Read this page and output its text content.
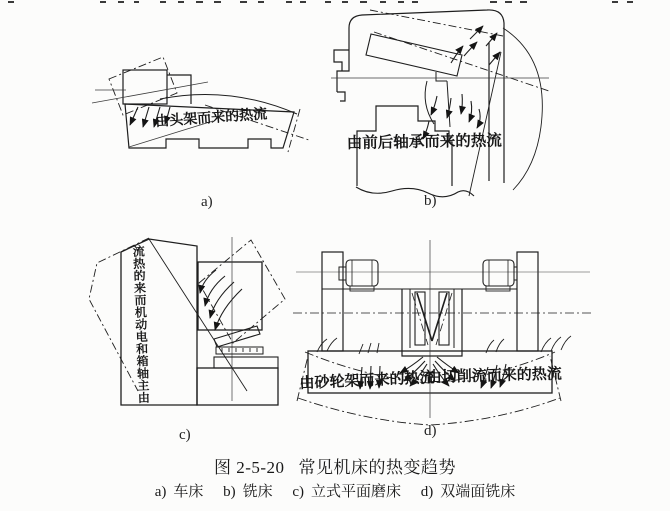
由头架而来的热流
由前后轴承而来的热流
流热的来而机动电和箱轴主由	由砂轮架而来的热流
由切削流而来的热流
a)	b)
c)	d)
图 2-5-20 常见机床的热变趋势
a) 车床 b) 铣床 c) 立式平面磨床 d) 双端面铣床
